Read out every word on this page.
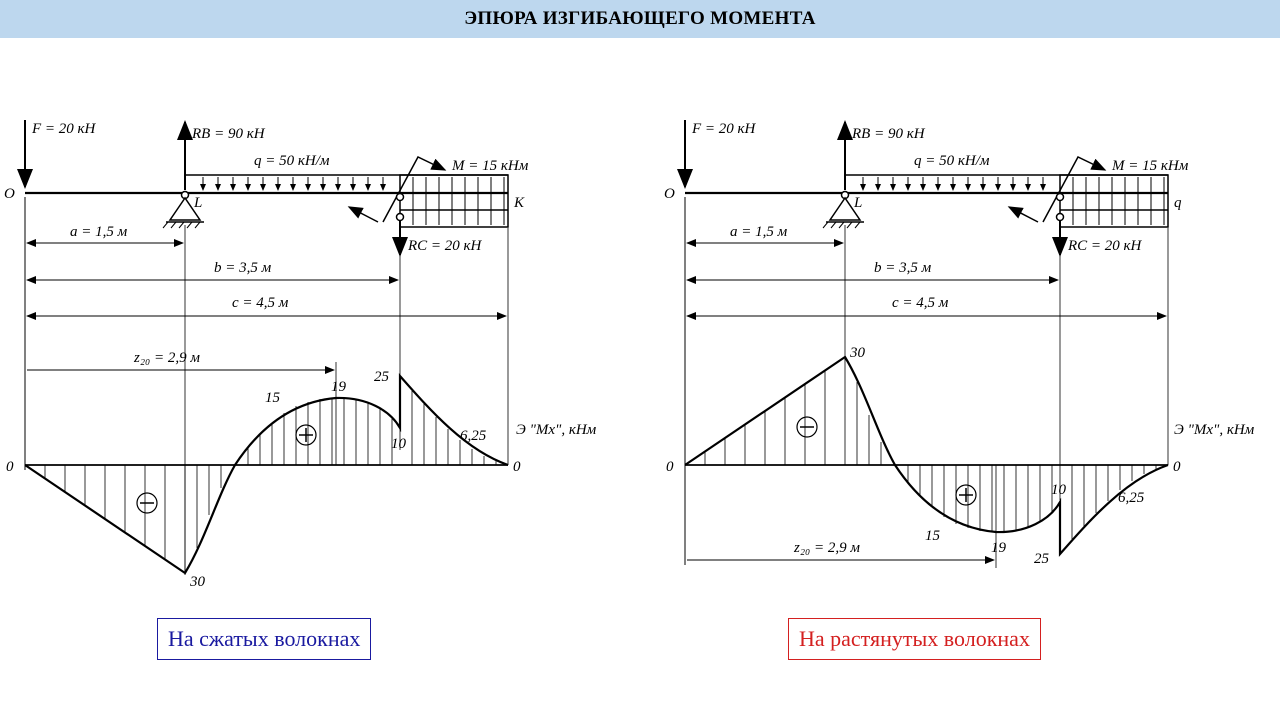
ЭПЮРА ИЗГИБАЮЩЕГО МОМЕНТА
F = 20 кН	RB = 90 кН
q = 50 кН/м	M = 15 кНм
RC = 20 кН
O
L	K
a = 1,5 м
b = 3,5 м
c = 4,5 м
z₂₀ = 2,9 м
Э "Mx", кНм
0	0
30
15
19
25
10	6,25
На сжатых волокнах
F = 20 кН	RB = 90 кН
q = 50 кН/м	M = 15 кНм
RC = 20 кН
O
L	q
a = 1,5 м
b = 3,5 м
c = 4,5 м
z₂₀ = 2,9 м
Э "Mx", кНм
0	0
30
15
19
25
10	6,25
На растянутых волокнах
